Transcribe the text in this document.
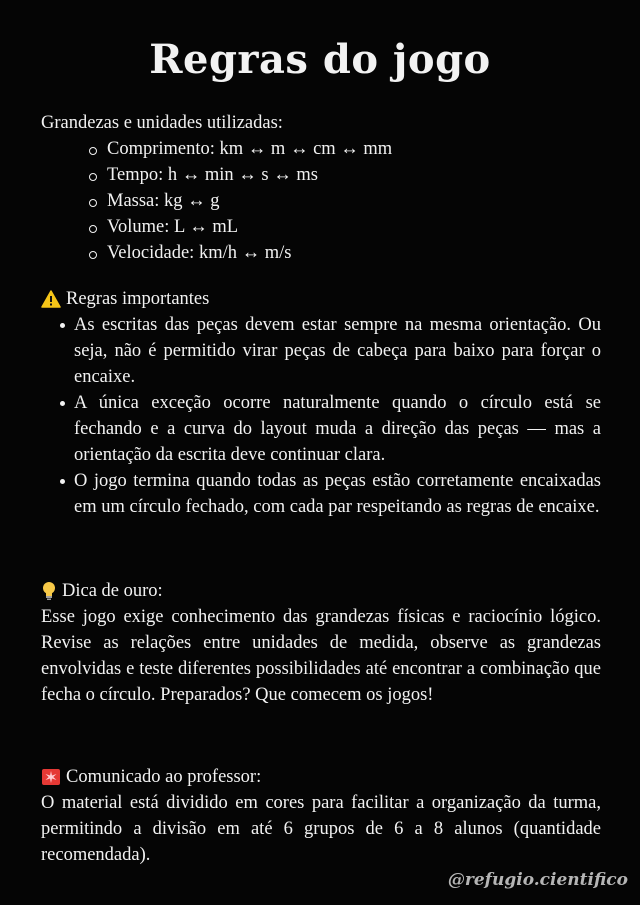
Regras do jogo
Grandezas e unidades utilizadas:
Comprimento: km ↔ m ↔ cm ↔ mm
Tempo: h ↔ min ↔ s ↔ ms
Massa: kg ↔ g
Volume: L ↔ mL
Velocidade: km/h ↔ m/s
Regras importantes
As escritas das peças devem estar sempre na mesma orientação. Ou seja, não é permitido virar peças de cabeça para baixo para forçar o encaixe.
A única exceção ocorre naturalmente quando o círculo está se fechando e a curva do layout muda a direção das peças — mas a orientação da escrita deve continuar clara.
O jogo termina quando todas as peças estão corretamente encaixadas em um círculo fechado, com cada par respeitando as regras de encaixe.
Dica de ouro:
Esse jogo exige conhecimento das grandezas físicas e raciocínio lógico. Revise as relações entre unidades de medida, observe as grandezas envolvidas e teste diferentes possibilidades até encontrar a combinação que fecha o círculo. Preparados? Que comecem os jogos!
Comunicado ao professor:
O material está dividido em cores para facilitar a organização da turma, permitindo a divisão em até 6 grupos de 6 a 8 alunos (quantidade recomendada).
@refugio.cientifico
